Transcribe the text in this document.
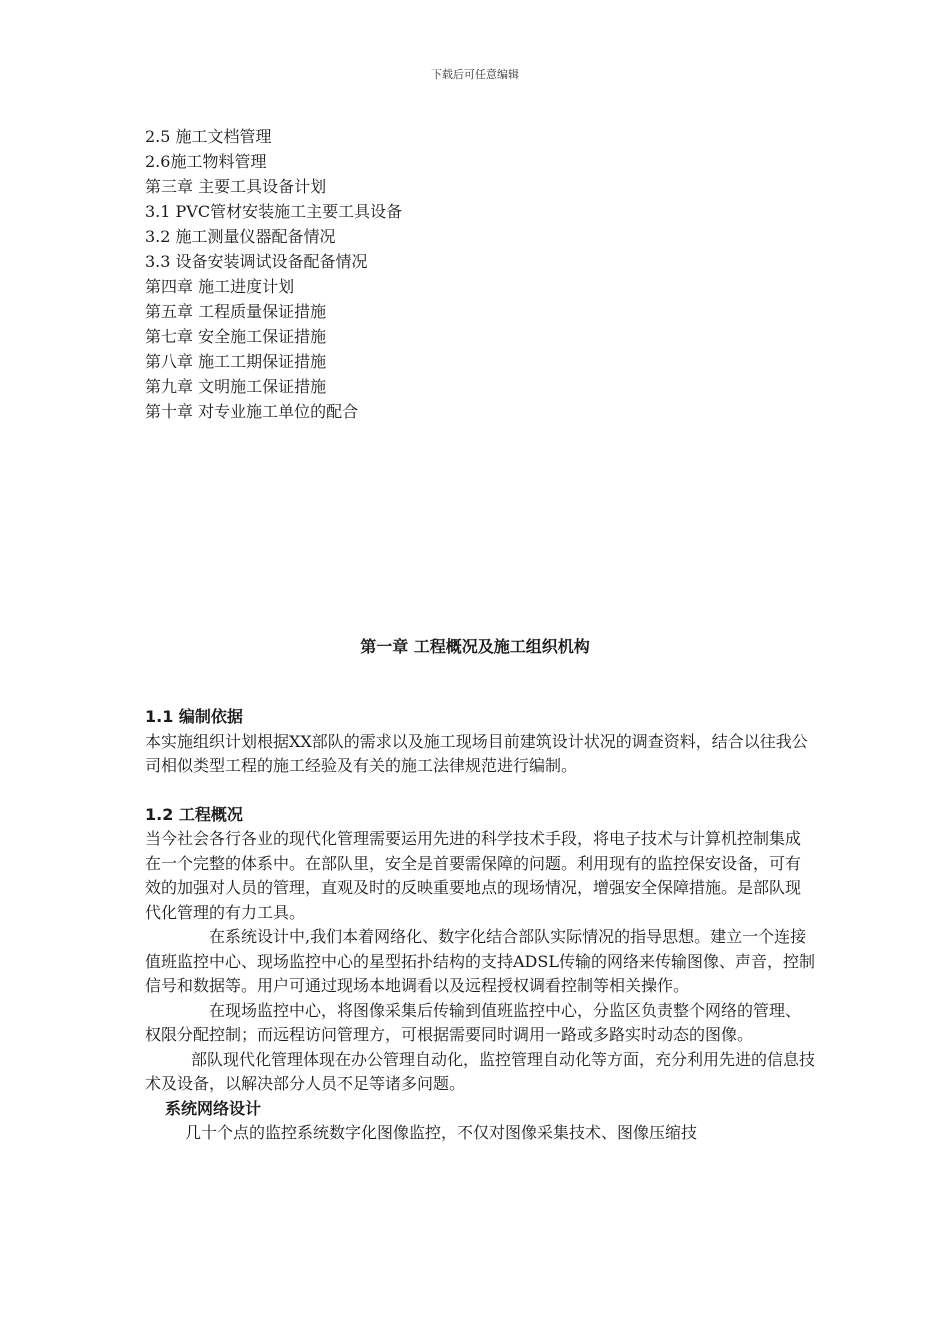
下载后可任意编辑
2.5 施工文档管理
2.6施工物料管理
第三章 主要工具设备计划
3.1 PVC管材安装施工主要工具设备
3.2 施工测量仪器配备情况
3.3 设备安装调试设备配备情况
第四章 施工进度计划
第五章 工程质量保证措施
第七章 安全施工保证措施
第八章 施工工期保证措施
第九章 文明施工保证措施
第十章 对专业施工单位的配合
第一章 工程概况及施工组织机构

1.1 编制依据

本实施组织计划根据XX部队的需求以及施工现场目前建筑设计状况的调查资料，结合以往我公司相似类型工程的施工经验及有关的施工法律规范进行编制。

1.2 工程概况

当今社会各行各业的现代化管理需要运用先进的科学技术手段，将电子技术与计算机控制集成在一个完整的体系中。在部队里，安全是首要需保障的问题。利用现有的监控保安设备，可有效的加强对人员的管理，直观及时的反映重要地点的现场情况，增强安全保障措施。是部队现代化管理的有力工具。

在系统设计中,我们本着网络化、数字化结合部队实际情况的指导思想。建立一个连接值班监控中心、现场监控中心的星型拓扑结构的支持ADSL传输的网络来传输图像、声音，控制信号和数据等。用户可通过现场本地调看以及远程授权调看控制等相关操作。

在现场监控中心，将图像采集后传输到值班监控中心，分监区负责整个网络的管理、权限分配控制；而远程访问管理方，可根据需要同时调用一路或多路实时动态的图像。

部队现代化管理体现在办公管理自动化，监控管理自动化等方面，充分利用先进的信息技术及设备，以解决部分人员不足等诸多问题。

系统网络设计

几十个点的监控系统数字化图像监控，不仅对图像采集技术、图像压缩技
